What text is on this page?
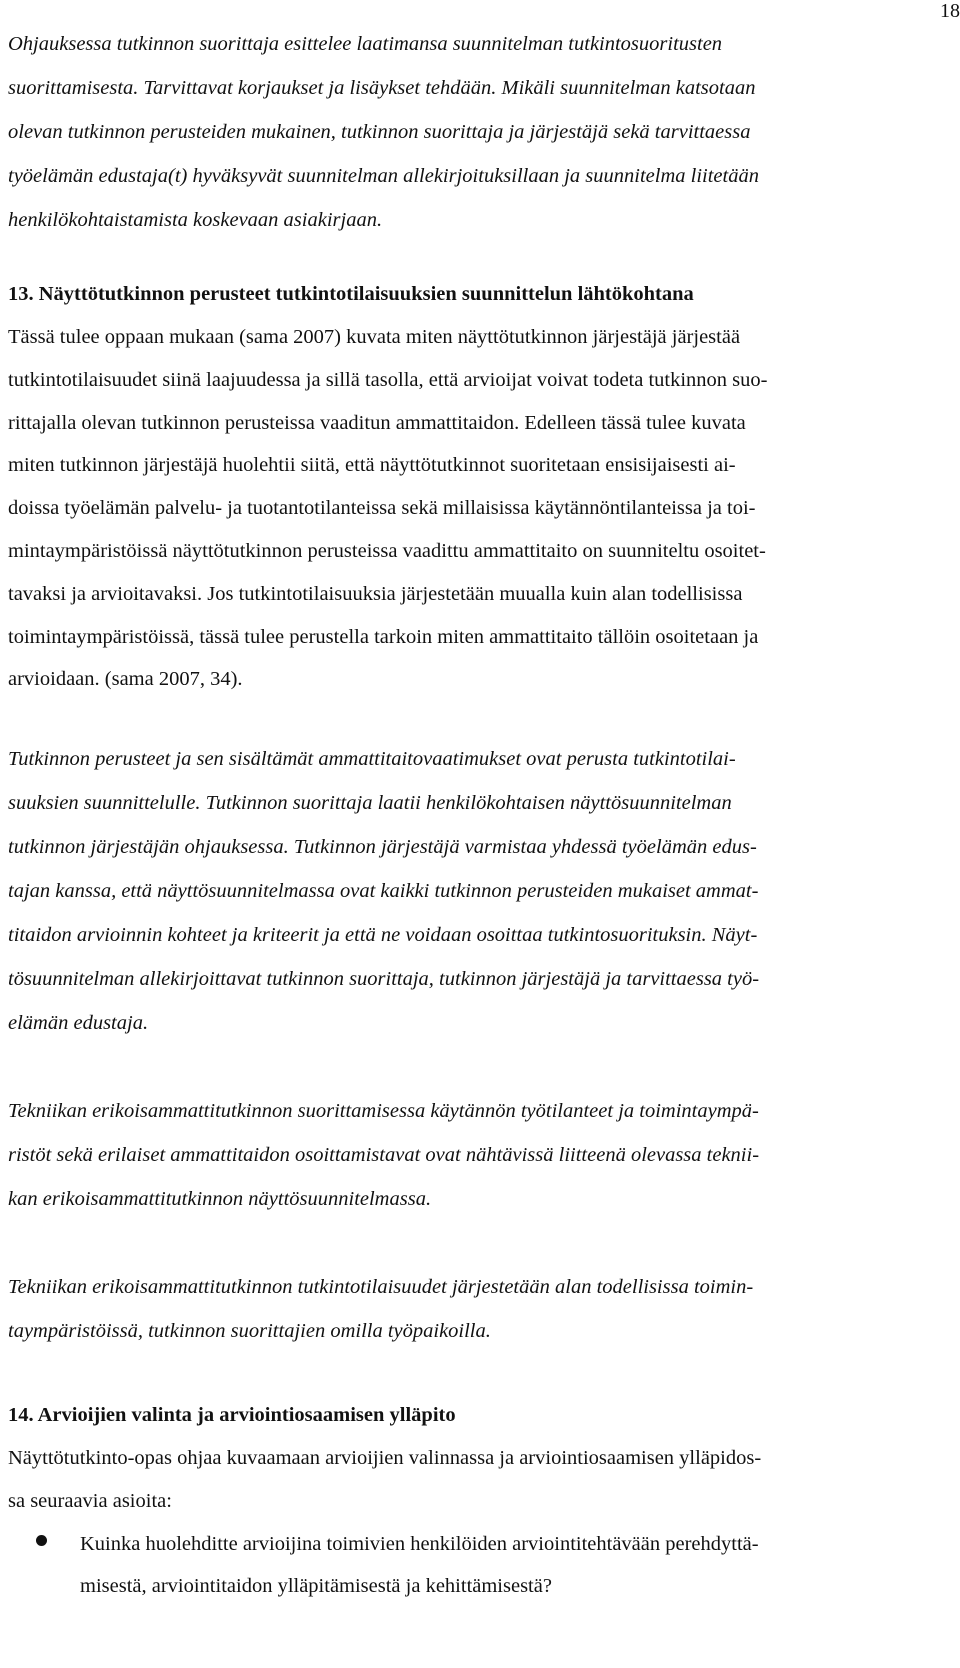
18
Ohjauksessa tutkinnon suorittaja esittelee laatimansa suunnitelman tutkintosuoritusten
suorittamisesta. Tarvittavat korjaukset ja lisäykset tehdään. Mikäli suunnitelman katsotaan
olevan tutkinnon perusteiden mukainen, tutkinnon suorittaja ja järjestäjä sekä tarvittaessa
työelämän edustaja(t) hyväksyvät suunnitelman allekirjoituksillaan ja suunnitelma liitetään
henkilökohtaistamista koskevaan asiakirjaan.
13. Näyttötutkinnon perusteet tutkintotilaisuuksien suunnittelun lähtökohtana
Tässä tulee oppaan mukaan (sama 2007) kuvata miten näyttötutkinnon järjestäjä järjestää
tutkintotilaisuudet siinä laajuudessa ja sillä tasolla, että arvioijat voivat todeta tutkinnon suo-
rittajalla olevan tutkinnon perusteissa vaaditun ammattitaidon. Edelleen tässä tulee kuvata
miten tutkinnon järjestäjä huolehtii siitä, että näyttötutkinnot suoritetaan ensisijaisesti ai-
doissa työelämän palvelu- ja tuotantotilanteissa sekä millaisissa käytännöntilanteissa ja toi-
mintaympäristöissä näyttötutkinnon perusteissa vaadittu ammattitaito on suunniteltu osoitet-
tavaksi ja arvioitavaksi. Jos tutkintotilaisuuksia järjestetään muualla kuin alan todellisissa
toimintaympäristöissä, tässä tulee perustella tarkoin miten ammattitaito tällöin osoitetaan ja
arvioidaan. (sama 2007, 34).
Tutkinnon perusteet ja sen sisältämät ammattitaitovaatimukset ovat perusta tutkintotilai-
suuksien suunnittelulle. Tutkinnon suorittaja laatii henkilökohtaisen näyttösuunnitelman
tutkinnon järjestäjän ohjauksessa. Tutkinnon järjestäjä varmistaa yhdessä työelämän edus-
tajan kanssa, että näyttösuunnitelmassa ovat kaikki tutkinnon perusteiden mukaiset ammat-
titaidon arvioinnin kohteet ja kriteerit ja että ne voidaan osoittaa tutkintosuorituksin. Näyt-
tösuunnitelman allekirjoittavat tutkinnon suorittaja, tutkinnon järjestäjä ja tarvittaessa työ-
elämän edustaja.
Tekniikan erikoisammattitutkinnon suorittamisessa käytännön työtilanteet ja toimintaympä-
ristöt sekä erilaiset ammattitaidon osoittamistavat ovat nähtävissä liitteenä olevassa teknii-
kan erikoisammattitutkinnon näyttösuunnitelmassa.
Tekniikan erikoisammattitutkinnon tutkintotilaisuudet järjestetään alan todellisissa toimin-
taympäristöissä, tutkinnon suorittajien omilla työpaikoilla.
14. Arvioijien valinta ja arviointiosaamisen ylläpito
Näyttötutkinto-opas ohjaa kuvaamaan arvioijien valinnassa ja arviointiosaamisen ylläpidos-
sa seuraavia asioita:
Kuinka huolehditte arvioijina toimivien henkilöiden arviointitehtävään perehdyttä-
misestä, arviointitaidon ylläpitämisestä ja kehittämisestä?
